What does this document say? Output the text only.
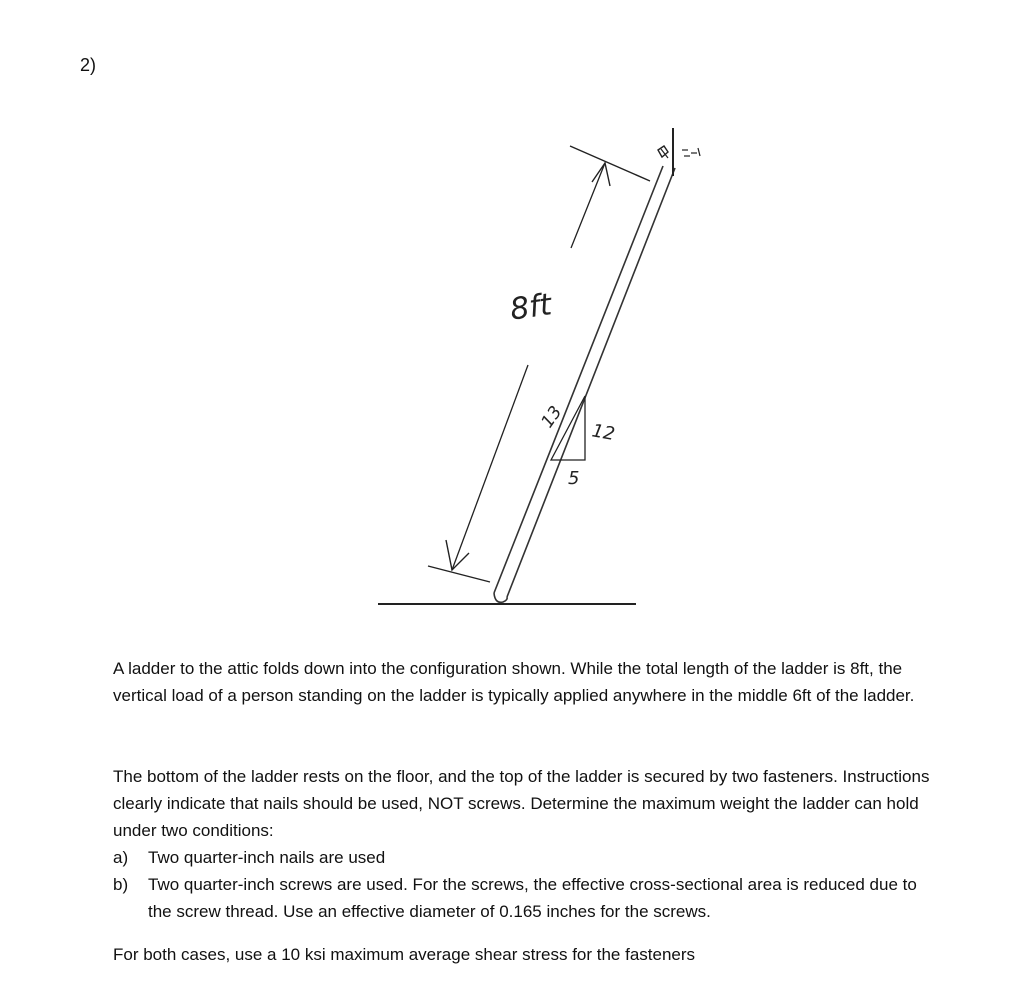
2)
8ft
13
12
5

A ladder to the attic folds down into the configuration shown. While the total length of the ladder is 8ft, the vertical load of a person standing on the ladder is typically applied anywhere in the middle 6ft of the ladder.

The bottom of the ladder rests on the floor, and the top of the ladder is secured by two fasteners. Instructions clearly indicate that nails should be used, NOT screws. Determine the maximum weight the ladder can hold under two conditions:

a)	Two quarter-inch nails are used
b)	Two quarter-inch screws are used. For the screws, the effective cross-sectional area is reduced due to the screw thread. Use an effective diameter of 0.165 inches for the screws.

For both cases, use a 10 ksi maximum average shear stress for the fasteners
